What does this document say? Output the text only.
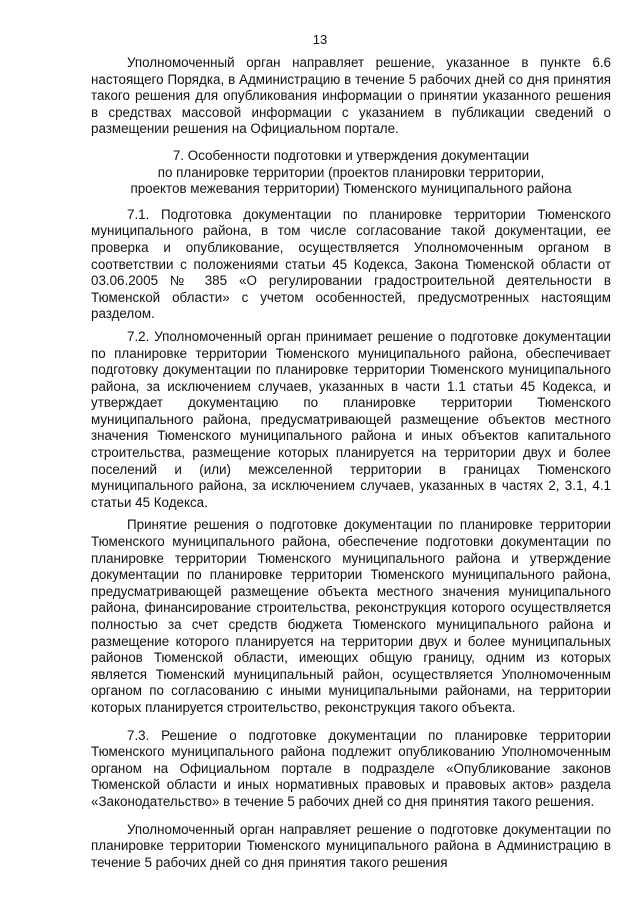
13

Уполномоченный орган направляет решение, указанное в пункте 6.6 настоящего Порядка, в Администрацию в течение 5 рабочих дней со дня принятия такого решения для опубликования информации о принятии указанного решения в средствах массовой информации с указанием в публикации сведений о размещении решения на Официальном портале.

7. Особенности подготовки и утверждения документации
по планировке территории (проектов планировки территории,
проектов межевания территории) Тюменского муниципального района

7.1. Подготовка документации по планировке территории Тюменского муниципального района, в том числе согласование такой документации, ее проверка и опубликование, осуществляется Уполномоченным органом в соответствии с положениями статьи 45 Кодекса, Закона Тюменской области от 03.06.2005 № 385 «О регулировании градостроительной деятельности в Тюменской области» с учетом особенностей, предусмотренных настоящим разделом.

7.2. Уполномоченный орган принимает решение о подготовке документации по планировке территории Тюменского муниципального района, обеспечивает подготовку документации по планировке территории Тюменского муниципального района, за исключением случаев, указанных в части 1.1 статьи 45 Кодекса, и утверждает документацию по планировке территории Тюменского муниципального района, предусматривающей размещение объектов местного значения Тюменского муниципального района и иных объектов капитального строительства, размещение которых планируется на территории двух и более поселений и (или) межселенной территории в границах Тюменского муниципального района, за исключением случаев, указанных в частях 2, 3.1, 4.1 статьи 45 Кодекса.

Принятие решения о подготовке документации по планировке территории Тюменского муниципального района, обеспечение подготовки документации по планировке территории Тюменского муниципального района и утверждение документации по планировке территории Тюменского муниципального района, предусматривающей размещение объекта местного значения муниципального района, финансирование строительства, реконструкция которого осуществляется полностью за счет средств бюджета Тюменского муниципального района и размещение которого планируется на территории двух и более муниципальных районов Тюменской области, имеющих общую границу, одним из которых является Тюменский муниципальный район, осуществляется Уполномоченным органом по согласованию с иными муниципальными районами, на территории которых планируется строительство, реконструкция такого объекта.

7.3. Решение о подготовке документации по планировке территории Тюменского муниципального района подлежит опубликованию Уполномоченным органом на Официальном портале в подразделе «Опубликование законов Тюменской области и иных нормативных правовых и правовых актов» раздела «Законодательство» в течение 5 рабочих дней со дня принятия такого решения.

Уполномоченный орган направляет решение о подготовке документации по планировке территории Тюменского муниципального района в Администрацию в течение 5 рабочих дней со дня принятия такого решения
